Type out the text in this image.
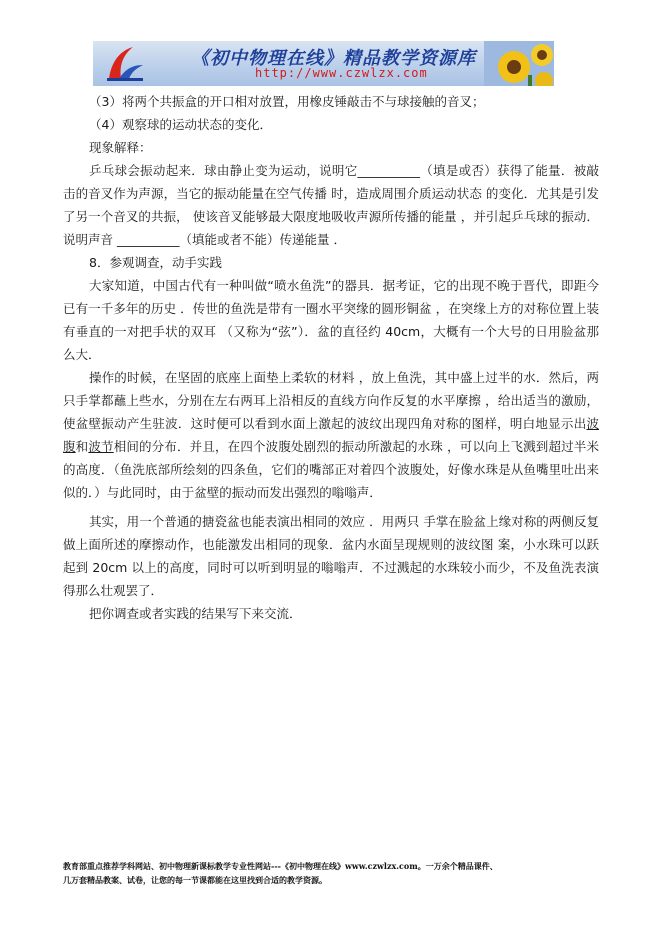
《初中物理在线》精品教学资源库
http://www.czwlzx.com

（3）将两个共振盒的开口相对放置，用橡皮锤敲击不与球接触的音叉；

（4）观察球的运动状态的变化．

现象解释：

乒乓球会振动起来．球由静止变为运动，说明它__________（填是或否）获得了能量．被敲击的音叉作为声源，当它的振动能量在空气传播 时，造成周围介质运动状态 的变化．尤其是引发了另一个音叉的共振， 使该音叉能够最大限度地吸收声源所传播的能量 ，并引起乒乓球的振动．说明声音 __________（填能或者不能）传递能量 ．

8．参观调查，动手实践

大家知道，中国古代有一种叫做“喷水鱼洗”的器具．据考证，它的出现不晚于晋代，即距今已有一千多年的历史 ．传世的鱼洗是带有一圈水平突缘的圆形铜盆 ，在突缘上方的对称位置上装有垂直的一对把手状的双耳 （又称为“弦”）．盆的直径约 40cm，大概有一个大号的日用脸盆那么大．

操作的时候，在坚固的底座上面垫上柔软的材料 ，放上鱼洗，其中盛上过半的水．然后，两只手掌都蘸上些水，分别在左右两耳上沿相反的直线方向作反复的水平摩擦 ，给出适当的激励，使盆壁振动产生驻波．这时便可以看到水面上激起的波纹出现四角对称的图样，明白地显示出波腹和波节相间的分布．并且，在四个波腹处剧烈的振动所激起的水珠 ，可以向上飞溅到超过半米的高度．（鱼洗底部所绘刻的四条鱼，它们的嘴部正对着四个波腹处，好像水珠是从鱼嘴里吐出来似的．）与此同时，由于盆壁的振动而发出强烈的嗡嗡声．

其实，用一个普通的搪瓷盆也能表演出相同的效应 ．用两只 手掌在脸盆上缘对称的两侧反复做上面所述的摩擦动作，也能激发出相同的现象．盆内水面呈现规则的波纹图 案，小水珠可以跃起到 20cm 以上的高度，同时可以听到明显的嗡嗡声．不过溅起的水珠较小而少，不及鱼洗表演得那么壮观罢了．

把你调查或者实践的结果写下来交流．

教育部重点推荐学科网站、初中物理新课标教学专业性网站---《初中物理在线》www.czwlzx.com。一万余个精品课件、
几万套精品教案、试卷，让您的每一节课都能在这里找到合适的教学资源。
